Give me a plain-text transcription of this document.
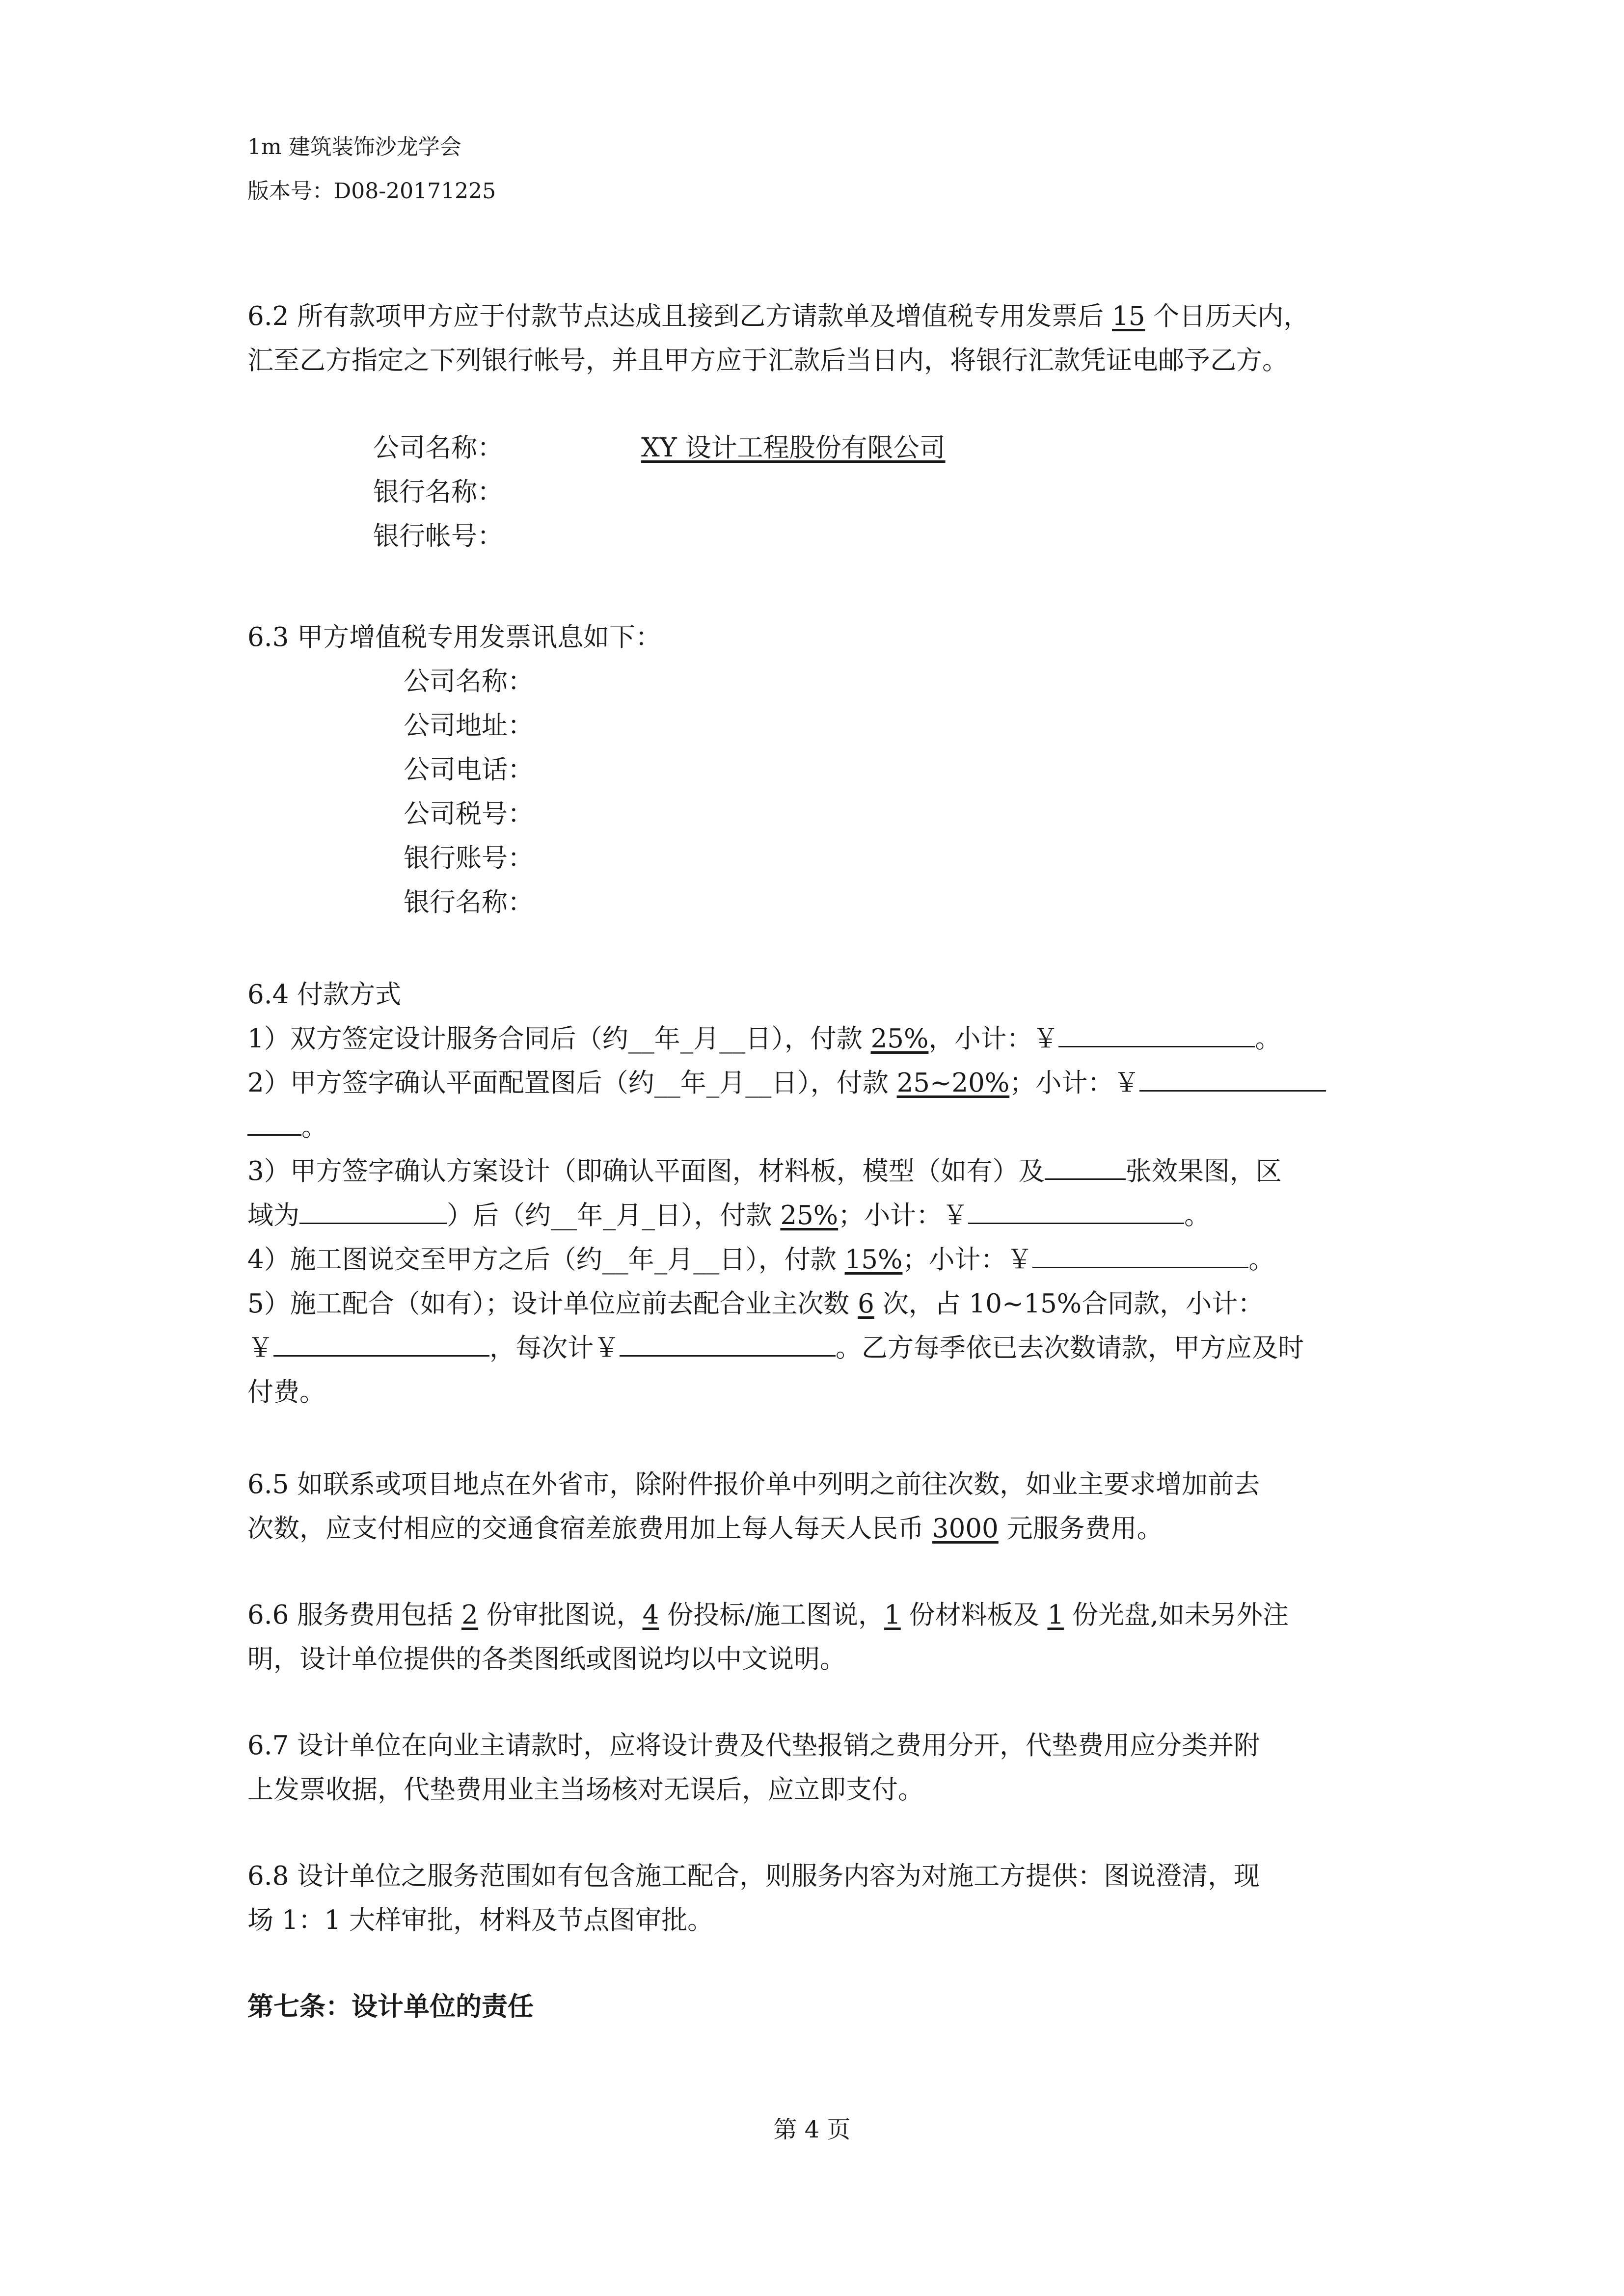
1m 建筑装饰沙龙学会
版本号：D08-20171225
6.2 所有款项甲方应于付款节点达成且接到乙方请款单及增值税专用发票后 15 个日历天内，
汇至乙方指定之下列银行帐号，并且甲方应于汇款后当日内，将银行汇款凭证电邮予乙方。
公司名称：	XY 设计工程股份有限公司
银行名称：
银行帐号：
6.3 甲方增值税专用发票讯息如下：
公司名称：
公司地址：
公司电话：
公司税号：
银行账号：
银行名称：
6.4 付款方式
1）双方签定设计服务合同后（约__年_月__日），付款 25%，小计：￥	。
2）甲方签字确认平面配置图后（约__年_月__日），付款 25~20%；小计：￥
。
3）甲方签字确认方案设计（即确认平面图，材料板，模型（如有）及	张效果图，区
域为	）后（约__年_月_日），付款 25%；小计：￥	。
4）施工图说交至甲方之后（约__年_月__日），付款 15%；小计：￥	。
5）施工配合（如有）；设计单位应前去配合业主次数 6 次，占 10~15%合同款，小计：
￥	，每次计￥	。乙方每季依已去次数请款，甲方应及时
付费。
6.5 如联系或项目地点在外省市，除附件报价单中列明之前往次数，如业主要求增加前去
次数，应支付相应的交通食宿差旅费用加上每人每天人民币 3000 元服务费用。
6.6 服务费用包括 2 份审批图说，4 份投标/施工图说，1 份材料板及 1 份光盘,如未另外注
明，设计单位提供的各类图纸或图说均以中文说明。
6.7 设计单位在向业主请款时，应将设计费及代垫报销之费用分开，代垫费用应分类并附
上发票收据，代垫费用业主当场核对无误后，应立即支付。
6.8 设计单位之服务范围如有包含施工配合，则服务内容为对施工方提供：图说澄清，现
场 1：1 大样审批，材料及节点图审批。
第七条：设计单位的责任
第 4 页
